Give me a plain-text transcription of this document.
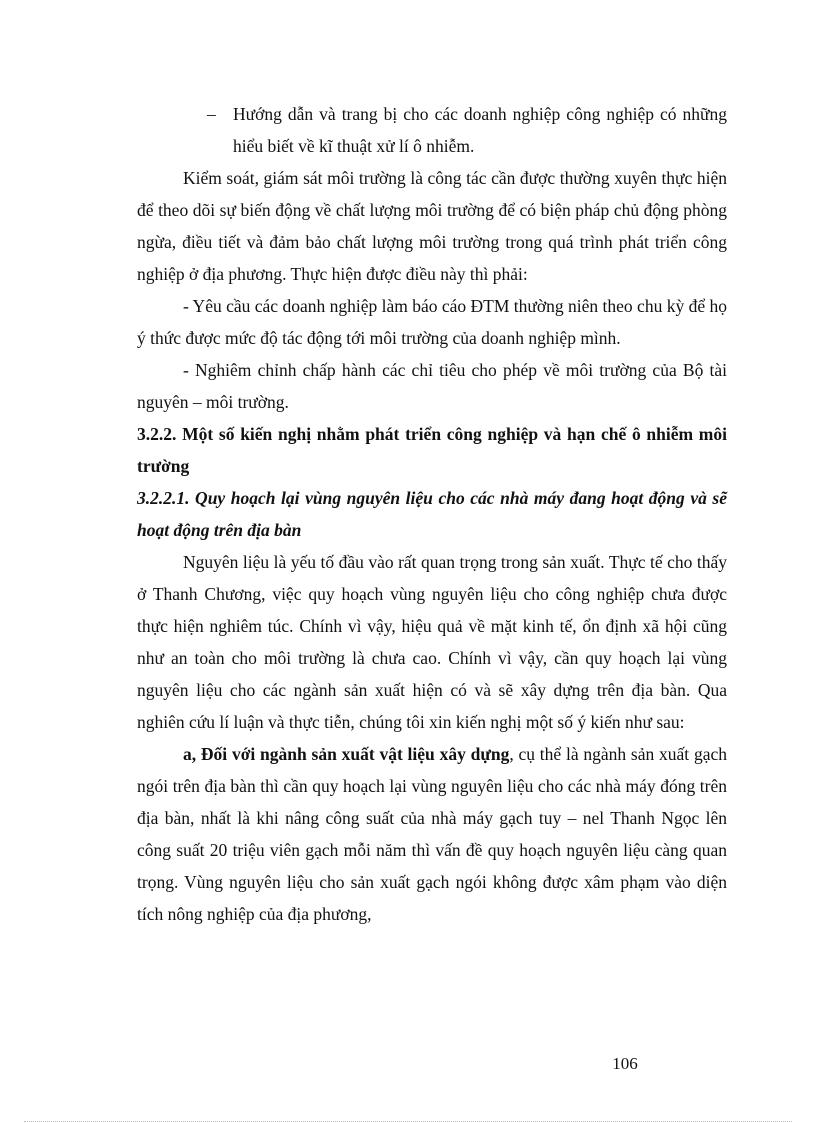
– Hướng dẫn và trang bị cho các doanh nghiệp công nghiệp có những hiểu biết về kĩ thuật xử lí ô nhiễm.

Kiểm soát, giám sát môi trường là công tác cần được thường xuyên thực hiện để theo dõi sự biến động về chất lượng môi trường để có biện pháp chủ động phòng ngừa, điều tiết và đảm bảo chất lượng môi trường trong quá trình phát triển công nghiệp ở địa phương. Thực hiện được điều này thì phải:

- Yêu cầu các doanh nghiệp làm báo cáo ĐTM thường niên theo chu kỳ để họ ý thức được mức độ tác động tới môi trường của doanh nghiệp mình.

- Nghiêm chỉnh chấp hành các chỉ tiêu cho phép về môi trường của Bộ tài nguyên – môi trường.

3.2.2. Một số kiến nghị nhằm phát triển công nghiệp và hạn chế ô nhiễm môi trường

3.2.2.1. Quy hoạch lại vùng nguyên liệu cho các nhà máy đang hoạt động và sẽ hoạt động trên địa bàn

Nguyên liệu là yếu tố đầu vào rất quan trọng trong sản xuất. Thực tế cho thấy ở Thanh Chương, việc quy hoạch vùng nguyên liệu cho công nghiệp chưa được thực hiện nghiêm túc. Chính vì vậy, hiệu quả về mặt kinh tế, ổn định xã hội cũng như an toàn cho môi trường là chưa cao. Chính vì vậy, cần quy hoạch lại vùng nguyên liệu cho các ngành sản xuất hiện có và sẽ xây dựng trên địa bàn. Qua nghiên cứu lí luận và thực tiễn, chúng tôi xin kiến nghị một số ý kiến như sau:

a, Đối với ngành sản xuất vật liệu xây dựng, cụ thể là ngành sản xuất gạch ngói trên địa bàn thì cần quy hoạch lại vùng nguyên liệu cho các nhà máy đóng trên địa bàn, nhất là khi nâng công suất của nhà máy gạch tuy – nel Thanh Ngọc lên công suất 20 triệu viên gạch mỗi năm thì vấn đề quy hoạch nguyên liệu càng quan trọng. Vùng nguyên liệu cho sản xuất gạch ngói không được xâm phạm vào diện tích nông nghiệp của địa phương,

106
